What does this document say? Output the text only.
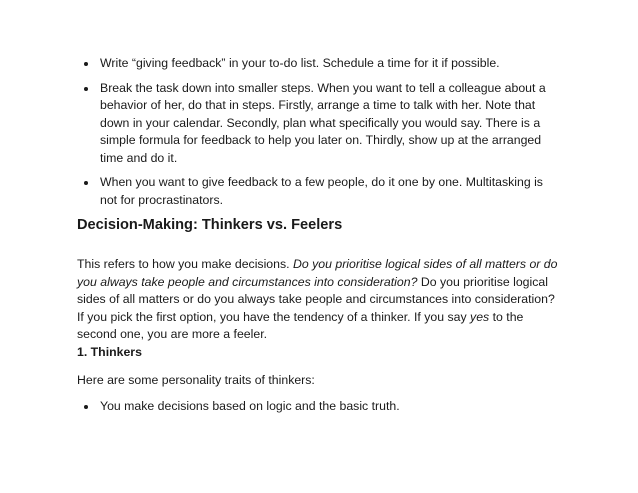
Write “giving feedback” in your to-do list. Schedule a time for it if possible.
Break the task down into smaller steps. When you want to tell a colleague about a behavior of her, do that in steps. Firstly, arrange a time to talk with her. Note that down in your calendar. Secondly, plan what specifically you would say. There is a simple formula for feedback to help you later on. Thirdly, show up at the arranged time and do it.
When you want to give feedback to a few people, do it one by one. Multitasking is not for procrastinators.
Decision-Making: Thinkers vs. Feelers

This refers to how you make decisions. Do you prioritise logical sides of all matters or do you always take people and circumstances into consideration? Do you prioritise logical sides of all matters or do you always take people and circumstances into consideration? If you pick the first option, you have the tendency of a thinker. If you say yes to the second one, you are more a feeler.

1. Thinkers

Here are some personality traits of thinkers:

You make decisions based on logic and the basic truth.
